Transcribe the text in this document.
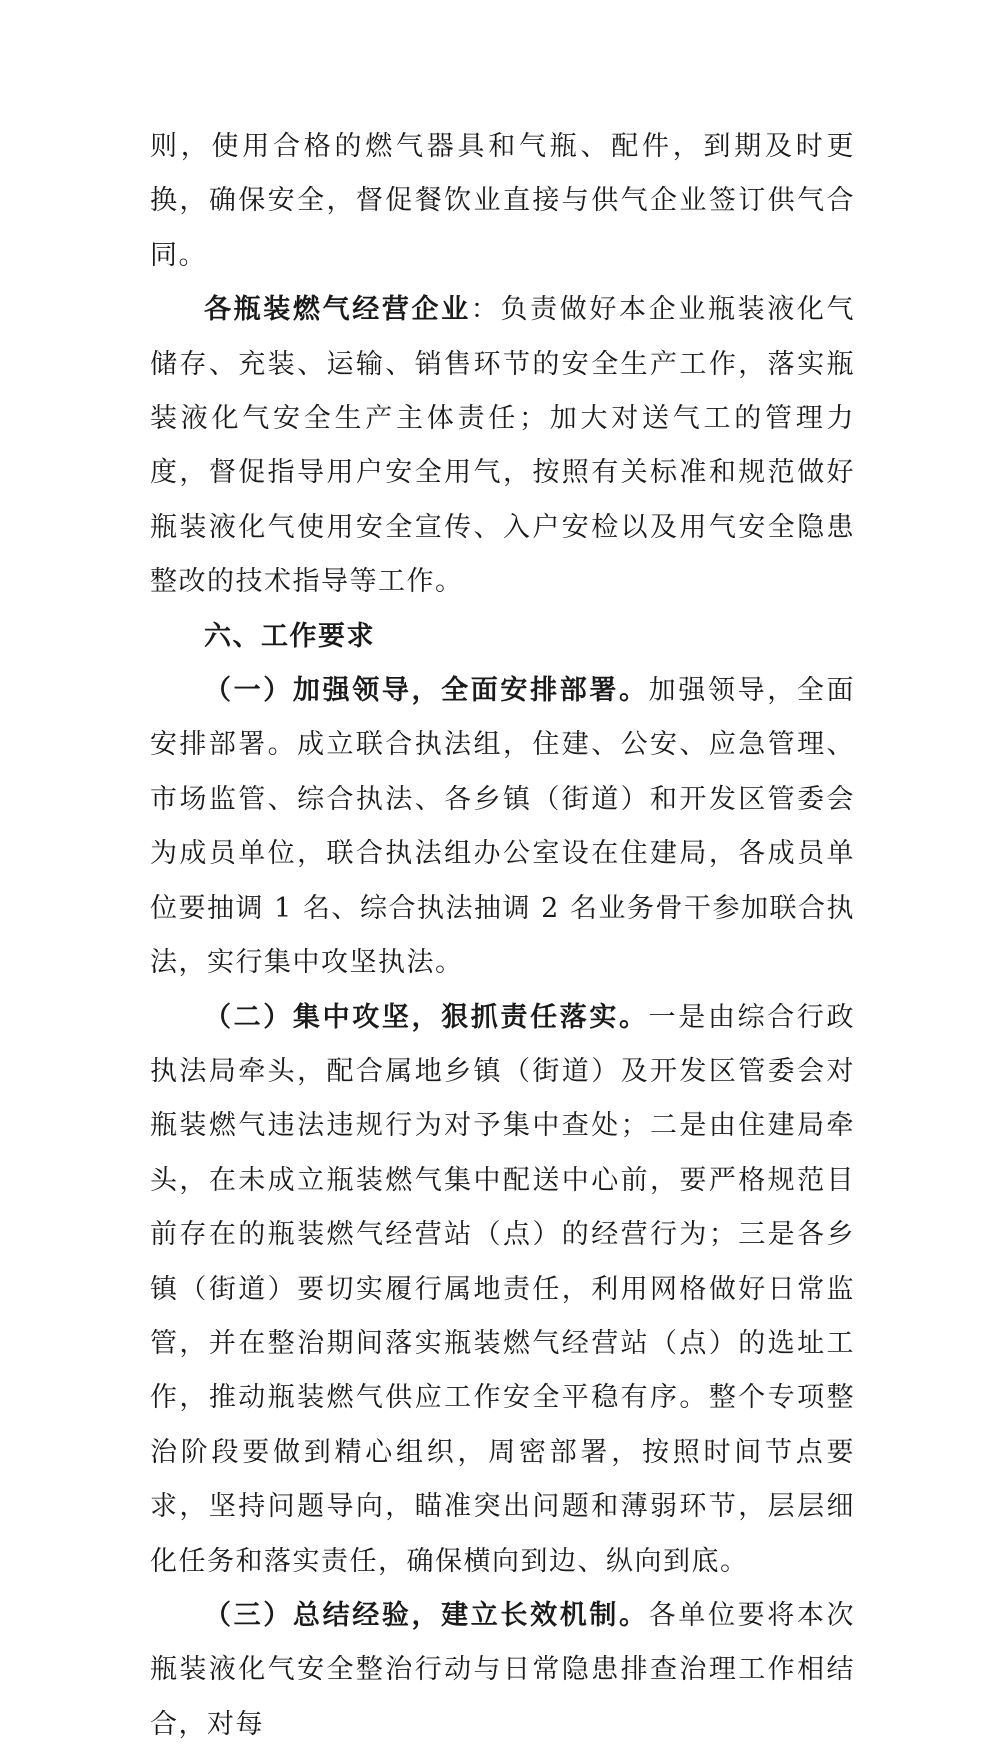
则，使用合格的燃气器具和气瓶、配件，到期及时更换，确保安全，督促餐饮业直接与供气企业签订供气合同。

各瓶装燃气经营企业：负责做好本企业瓶装液化气储存、充装、运输、销售环节的安全生产工作，落实瓶装液化气安全生产主体责任；加大对送气工的管理力度，督促指导用户安全用气，按照有关标准和规范做好瓶装液化气使用安全宣传、入户安检以及用气安全隐患整改的技术指导等工作。

六、工作要求

（一）加强领导，全面安排部署。加强领导，全面安排部署。成立联合执法组，住建、公安、应急管理、市场监管、综合执法、各乡镇（街道）和开发区管委会为成员单位，联合执法组办公室设在住建局，各成员单位要抽调 1 名、综合执法抽调 2 名业务骨干参加联合执法，实行集中攻坚执法。

（二）集中攻坚，狠抓责任落实。一是由综合行政执法局牵头，配合属地乡镇（街道）及开发区管委会对瓶装燃气违法违规行为对予集中查处；二是由住建局牵头，在未成立瓶装燃气集中配送中心前，要严格规范目前存在的瓶装燃气经营站（点）的经营行为；三是各乡镇（街道）要切实履行属地责任，利用网格做好日常监管，并在整治期间落实瓶装燃气经营站（点）的选址工作，推动瓶装燃气供应工作安全平稳有序。整个专项整治阶段要做到精心组织，周密部署，按照时间节点要求，坚持问题导向，瞄准突出问题和薄弱环节，层层细化任务和落实责任，确保横向到边、纵向到底。

（三）总结经验，建立长效机制。各单位要将本次瓶装液化气安全整治行动与日常隐患排查治理工作相结合，对每
